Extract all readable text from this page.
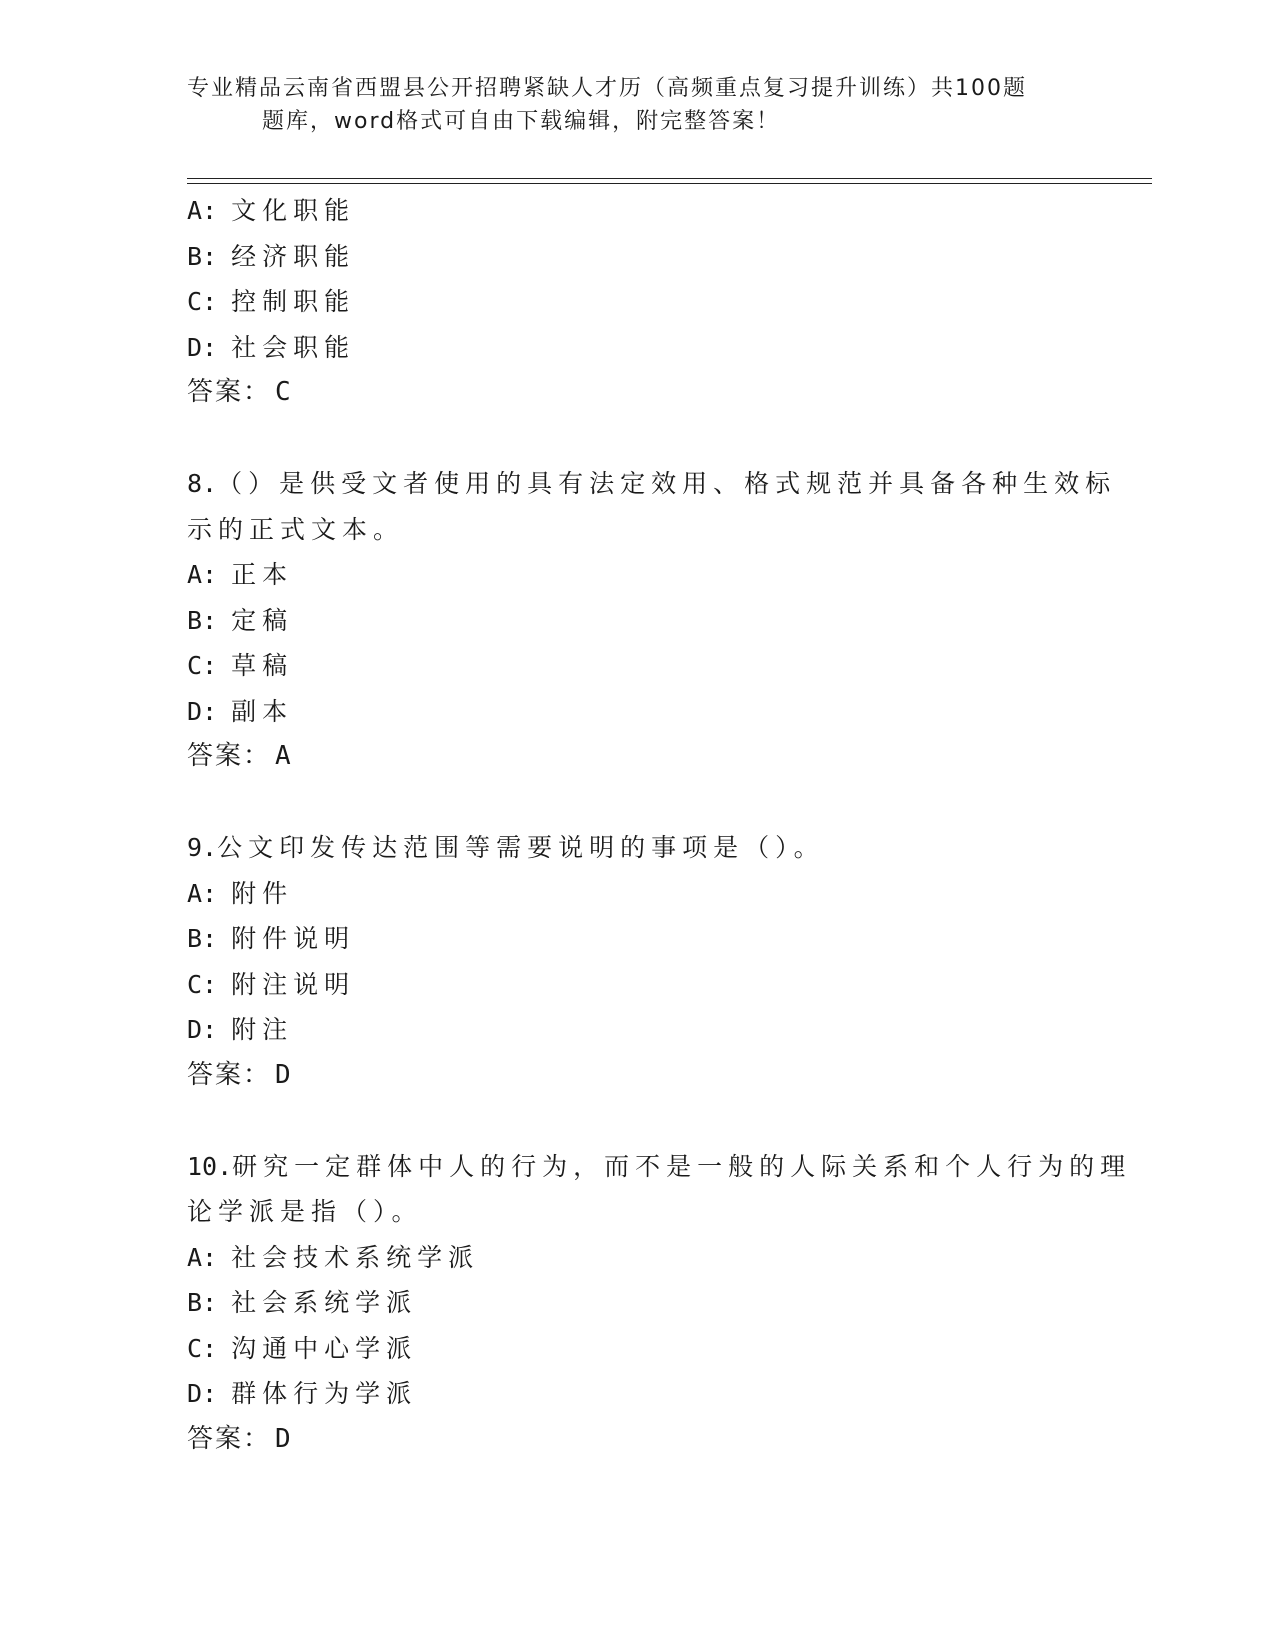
专业精品云南省西盟县公开招聘紧缺人才历（高频重点复习提升训练）共100题
题库，word格式可自由下载编辑，附完整答案！
A: 文化职能
B: 经济职能
C: 控制职能
D: 社会职能
答案： C
8.（）是供受文者使用的具有法定效用、格式规范并具备各种生效标
示的正式文本。
A: 正本
B: 定稿
C: 草稿
D: 副本
答案： A
9.公文印发传达范围等需要说明的事项是（）。
A: 附件
B: 附件说明
C: 附注说明
D: 附注
答案： D
10.研究一定群体中人的行为，而不是一般的人际关系和个人行为的理
论学派是指（）。
A: 社会技术系统学派
B: 社会系统学派
C: 沟通中心学派
D: 群体行为学派
答案： D
